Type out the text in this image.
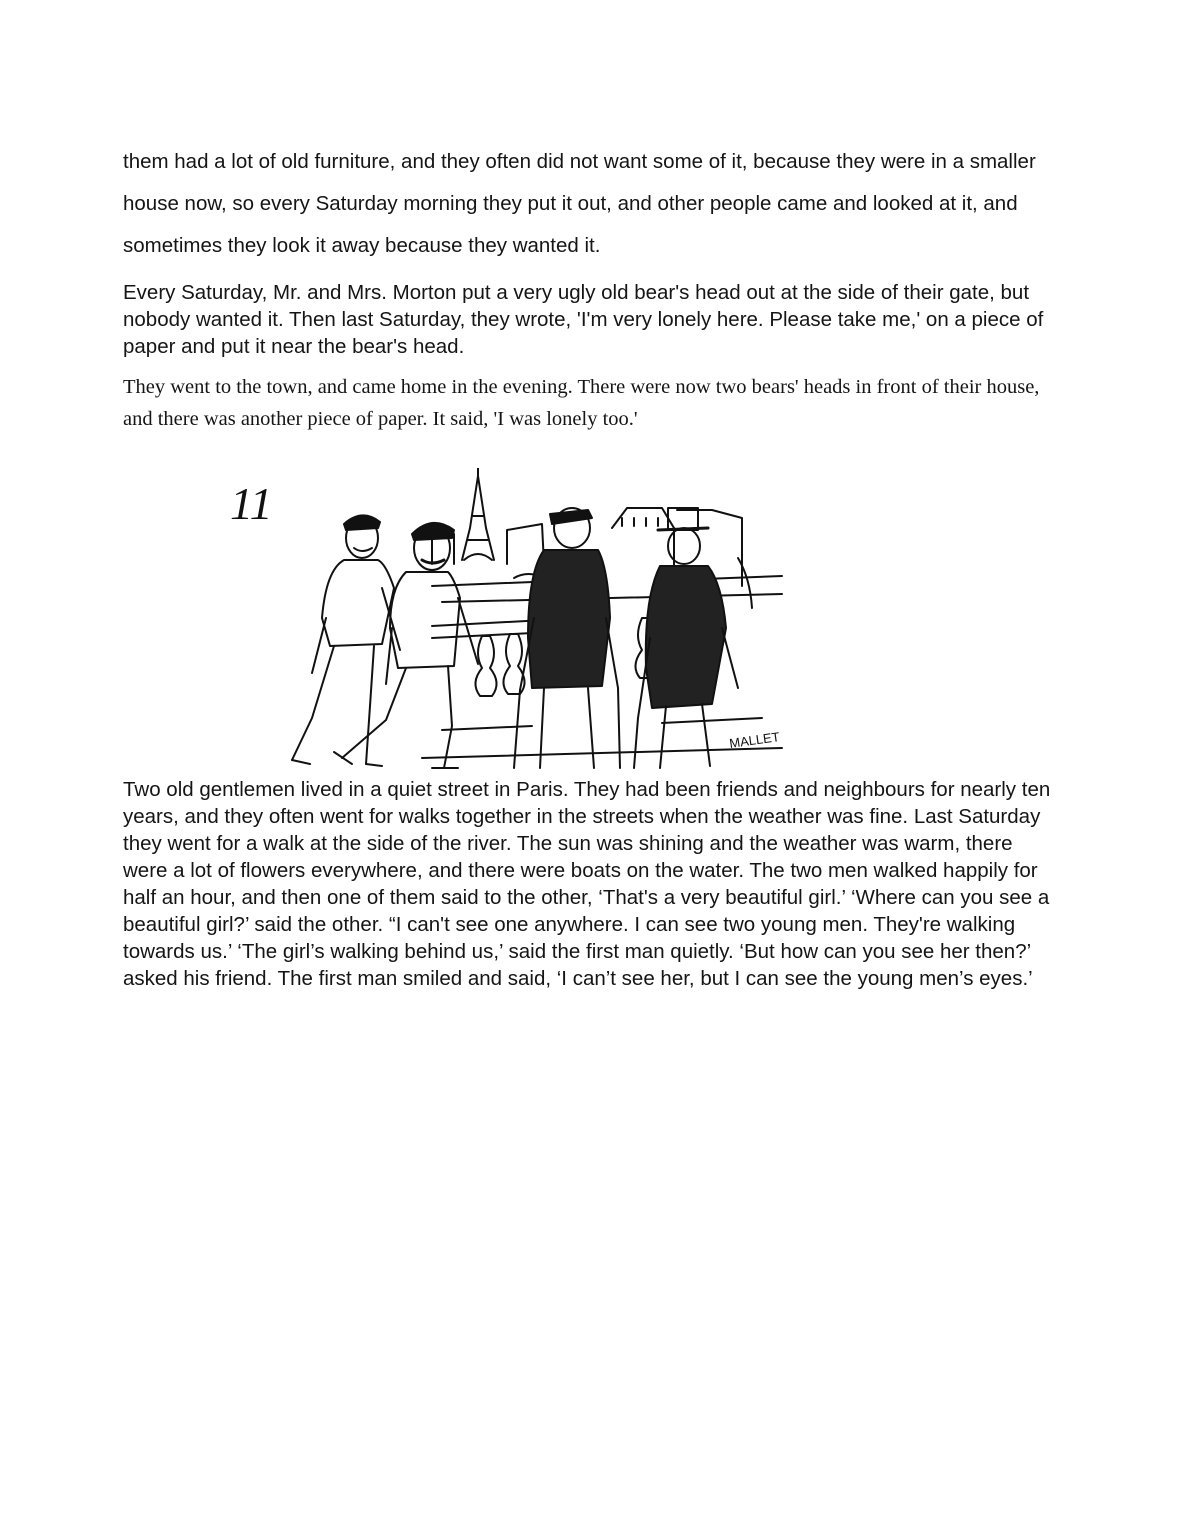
them had a lot of old furniture, and they often did not want some of it, because they were in a smaller house now, so every Saturday morning they put it out, and other people came and looked at it, and sometimes they look it away because they wanted it.

Every Saturday, Mr. and Mrs. Morton put a very ugly old bear's head out at the side of their gate, but nobody wanted it. Then last Saturday, they wrote, 'I'm very lonely here. Please take me,' on a piece of paper and put it near the bear's head.

They went to the town, and came home in the evening. There were now two bears' heads in front of their house, and there was another piece of paper. It said, 'I was lonely too.'

11
MALLET

Two old gentlemen lived in a quiet street in Paris. They had been friends and neighbours for nearly ten years, and they often went for walks together in the streets when the weather was fine. Last Saturday they went for a walk at the side of the river. The sun was shining and the weather was warm, there were a lot of flowers everywhere, and there were boats on the water. The two men walked happily for half an hour, and then one of them said to the other, ‘That's a very beautiful girl.’ ‘Where can you see a beautiful girl?’ said the other. “I can't see one anywhere. I can see two young men. They're walking towards us.’ ‘The girl’s walking behind us,’ said the first man quietly. ‘But how can you see her then?’ asked his friend. The first man smiled and said, ‘I can’t see her, but I can see the young men’s eyes.’
